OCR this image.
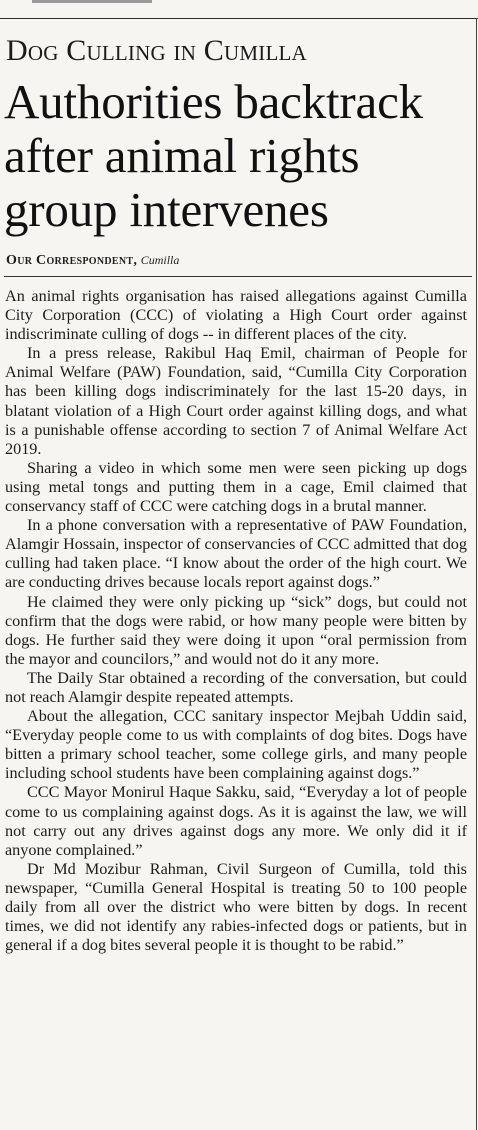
Dog Culling in Cumilla
Authorities backtrack after animal rights group intervenes
Our Correspondent, Cumilla

An animal rights organisation has raised allegations against Cumilla City Corporation (CCC) of violating a High Court order against indiscriminate culling of dogs -- in different places of the city.

In a press release, Rakibul Haq Emil, chairman of People for Animal Welfare (PAW) Foundation, said, “Cumilla City Corporation has been killing dogs indiscriminately for the last 15-20 days, in blatant violation of a High Court order against killing dogs, and what is a punishable offense according to section 7 of Animal Welfare Act 2019.

Sharing a video in which some men were seen picking up dogs using metal tongs and putting them in a cage, Emil claimed that conservancy staff of CCC were catching dogs in a brutal manner.

In a phone conversation with a representative of PAW Foundation, Alamgir Hossain, inspector of conservancies of CCC admitted that dog culling had taken place. “I know about the order of the high court. We are conducting drives because locals report against dogs.”

He claimed they were only picking up “sick” dogs, but could not confirm that the dogs were rabid, or how many people were bitten by dogs. He further said they were doing it upon “oral permission from the mayor and councilors,” and would not do it any more.

The Daily Star obtained a recording of the conversation, but could not reach Alamgir despite repeated attempts.

About the allegation, CCC sanitary inspector Mejbah Uddin said, “Everyday people come to us with complaints of dog bites. Dogs have bitten a primary school teacher, some college girls, and many people including school students have been complaining against dogs.”

CCC Mayor Monirul Haque Sakku, said, “Everyday a lot of people come to us complaining against dogs. As it is against the law, we will not carry out any drives against dogs any more. We only did it if anyone complained.”

Dr Md Mozibur Rahman, Civil Surgeon of Cumilla, told this newspaper, “Cumilla General Hospital is treating 50 to 100 people daily from all over the district who were bitten by dogs. In recent times, we did not identify any rabies-infected dogs or patients, but in general if a dog bites several people it is thought to be rabid.”
